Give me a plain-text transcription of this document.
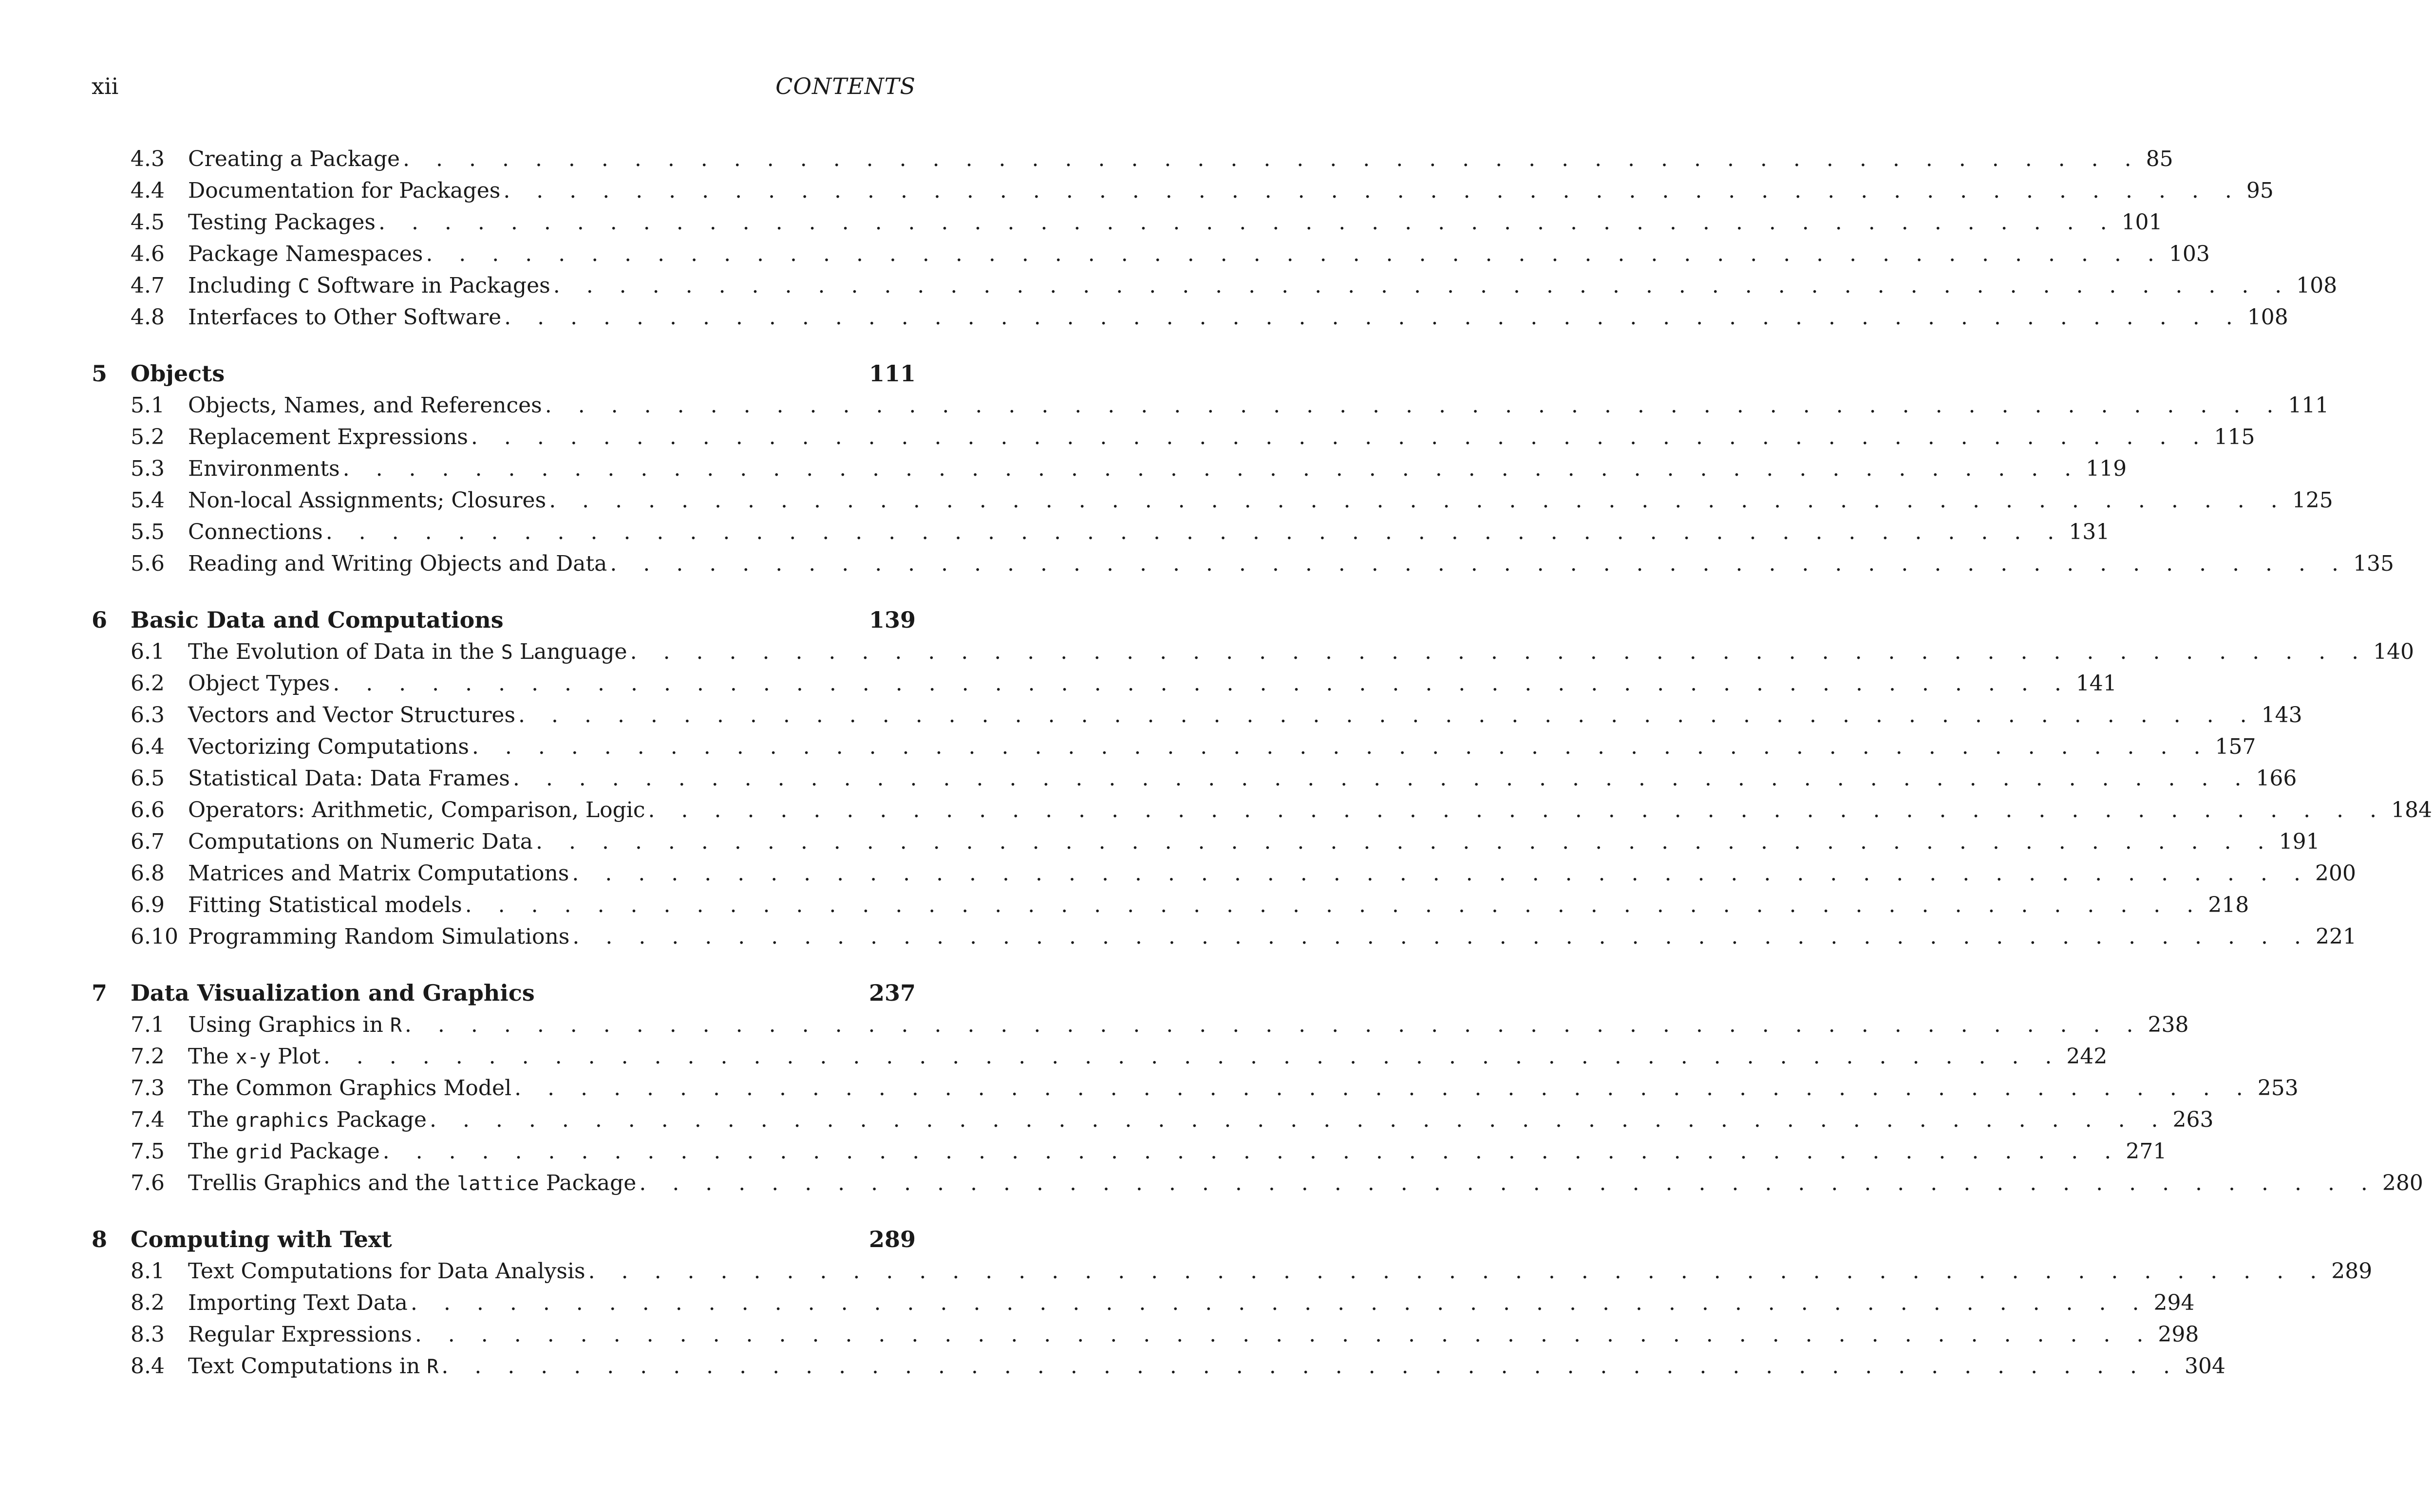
xii	CONTENTS
4.3	Creating a Package . . . . . . . . . . . . . . . . . . . . . . . . . . . . . . . . . . . . . . . . . . . . . . . . . . . . . 85
4.4	Documentation for Packages . . . . . . . . . . . . . . . . . . . . . . . . . . . . . . . . . . . . . . . . . . . . . . . . . . . . . 95
4.5	Testing Packages . . . . . . . . . . . . . . . . . . . . . . . . . . . . . . . . . . . . . . . . . . . . . . . . . . . . . 101
4.6	Package Namespaces . . . . . . . . . . . . . . . . . . . . . . . . . . . . . . . . . . . . . . . . . . . . . . . . . . . . . 103
4.7	Including C Software in Packages . . . . . . . . . . . . . . . . . . . . . . . . . . . . . . . . . . . . . . . . . . . . . . . . . . . . . 108
4.8	Interfaces to Other Software . . . . . . . . . . . . . . . . . . . . . . . . . . . . . . . . . . . . . . . . . . . . . . . . . . . . . 108
5	Objects	111
5.1	Objects, Names, and References . . . . . . . . . . . . . . . . . . . . . . . . . . . . . . . . . . . . . . . . . . . . . . . . . . . . . 111
5.2	Replacement Expressions . . . . . . . . . . . . . . . . . . . . . . . . . . . . . . . . . . . . . . . . . . . . . . . . . . . . . 115
5.3	Environments . . . . . . . . . . . . . . . . . . . . . . . . . . . . . . . . . . . . . . . . . . . . . . . . . . . . . 119
5.4	Non-local Assignments; Closures . . . . . . . . . . . . . . . . . . . . . . . . . . . . . . . . . . . . . . . . . . . . . . . . . . . . . 125
5.5	Connections . . . . . . . . . . . . . . . . . . . . . . . . . . . . . . . . . . . . . . . . . . . . . . . . . . . . . 131
5.6	Reading and Writing Objects and Data . . . . . . . . . . . . . . . . . . . . . . . . . . . . . . . . . . . . . . . . . . . . . . . . . . . . . 135
6	Basic Data and Computations	139
6.1	The Evolution of Data in the S Language . . . . . . . . . . . . . . . . . . . . . . . . . . . . . . . . . . . . . . . . . . . . . . . . . . . . . 140
6.2	Object Types . . . . . . . . . . . . . . . . . . . . . . . . . . . . . . . . . . . . . . . . . . . . . . . . . . . . . 141
6.3	Vectors and Vector Structures . . . . . . . . . . . . . . . . . . . . . . . . . . . . . . . . . . . . . . . . . . . . . . . . . . . . . 143
6.4	Vectorizing Computations . . . . . . . . . . . . . . . . . . . . . . . . . . . . . . . . . . . . . . . . . . . . . . . . . . . . . 157
6.5	Statistical Data: Data Frames . . . . . . . . . . . . . . . . . . . . . . . . . . . . . . . . . . . . . . . . . . . . . . . . . . . . . 166
6.6	Operators: Arithmetic, Comparison, Logic . . . . . . . . . . . . . . . . . . . . . . . . . . . . . . . . . . . . . . . . . . . . . . . . . . . . . 184
6.7	Computations on Numeric Data . . . . . . . . . . . . . . . . . . . . . . . . . . . . . . . . . . . . . . . . . . . . . . . . . . . . . 191
6.8	Matrices and Matrix Computations . . . . . . . . . . . . . . . . . . . . . . . . . . . . . . . . . . . . . . . . . . . . . . . . . . . . . 200
6.9	Fitting Statistical models . . . . . . . . . . . . . . . . . . . . . . . . . . . . . . . . . . . . . . . . . . . . . . . . . . . . . 218
6.10 Programming Random Simulations . . . . . . . . . . . . . . . . . . . . . . . . . . . . . . . . . . . . . . . . . . . . . . . . . . . . . 221
7	Data Visualization and Graphics	237
7.1	Using Graphics in R . . . . . . . . . . . . . . . . . . . . . . . . . . . . . . . . . . . . . . . . . . . . . . . . . . . . . 238
7.2	The x-y Plot . . . . . . . . . . . . . . . . . . . . . . . . . . . . . . . . . . . . . . . . . . . . . . . . . . . . . 242
7.3	The Common Graphics Model . . . . . . . . . . . . . . . . . . . . . . . . . . . . . . . . . . . . . . . . . . . . . . . . . . . . . 253
7.4	The graphics Package . . . . . . . . . . . . . . . . . . . . . . . . . . . . . . . . . . . . . . . . . . . . . . . . . . . . . 263
7.5	The grid Package . . . . . . . . . . . . . . . . . . . . . . . . . . . . . . . . . . . . . . . . . . . . . . . . . . . . . 271
7.6	Trellis Graphics and the lattice Package . . . . . . . . . . . . . . . . . . . . . . . . . . . . . . . . . . . . . . . . . . . . . . . . . . . . . 280
8	Computing with Text	289
8.1	Text Computations for Data Analysis . . . . . . . . . . . . . . . . . . . . . . . . . . . . . . . . . . . . . . . . . . . . . . . . . . . . . 289
8.2	Importing Text Data . . . . . . . . . . . . . . . . . . . . . . . . . . . . . . . . . . . . . . . . . . . . . . . . . . . . . 294
8.3	Regular Expressions . . . . . . . . . . . . . . . . . . . . . . . . . . . . . . . . . . . . . . . . . . . . . . . . . . . . . 298
8.4	Text Computations in R . . . . . . . . . . . . . . . . . . . . . . . . . . . . . . . . . . . . . . . . . . . . . . . . . . . . . 304
